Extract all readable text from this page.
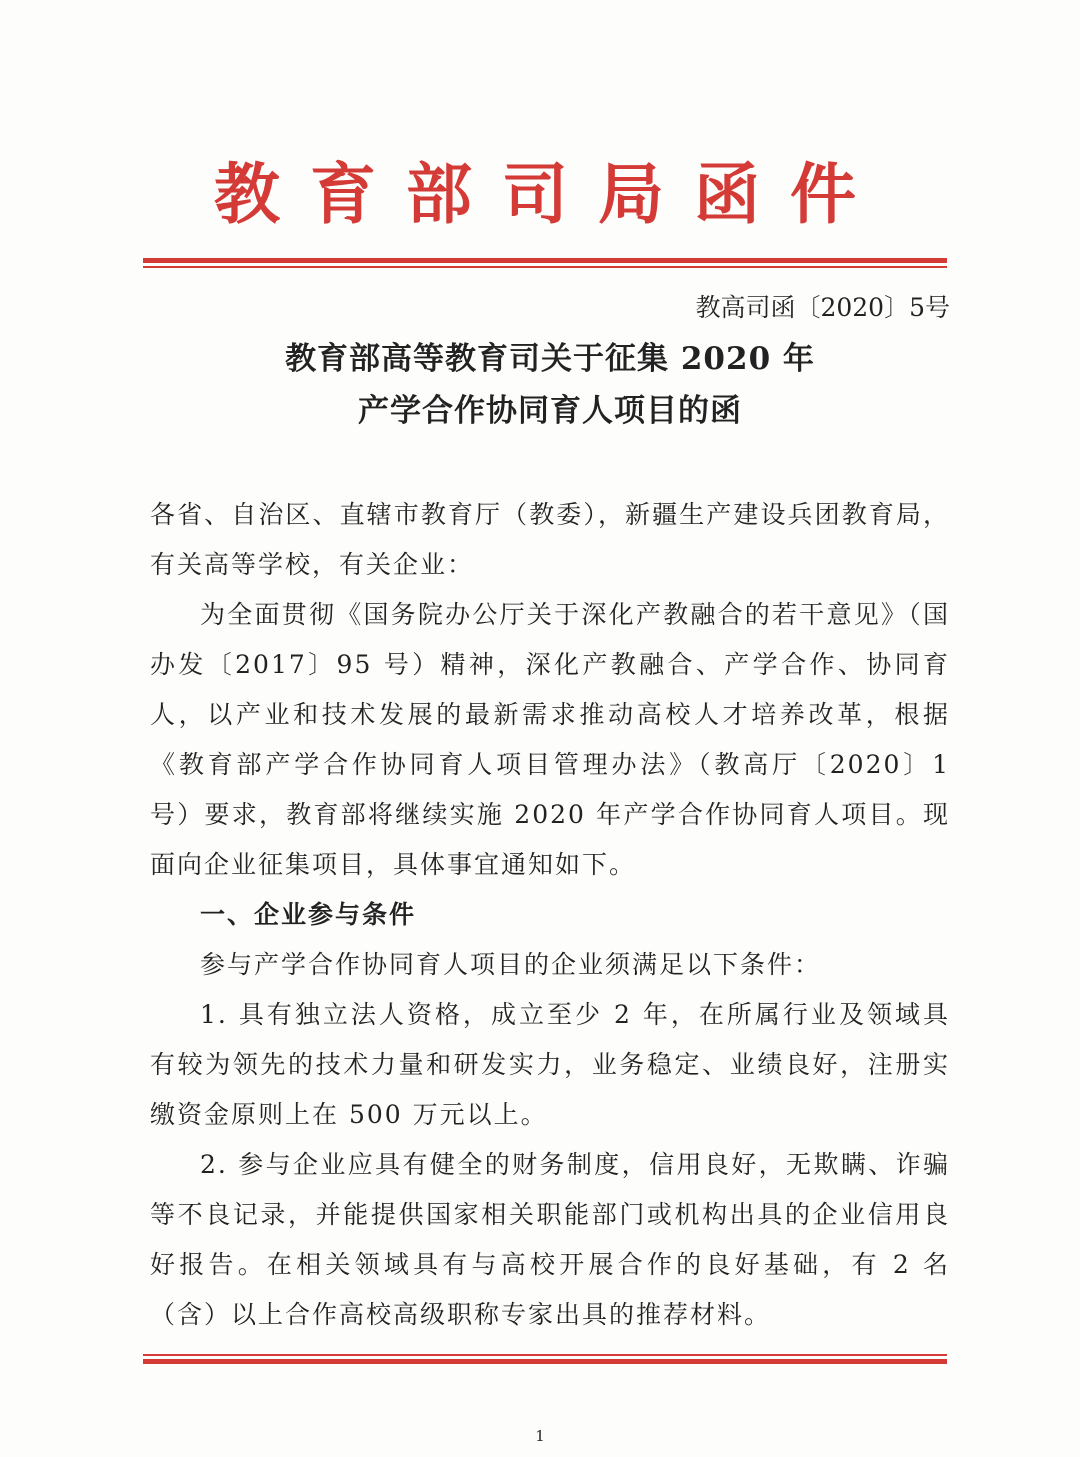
教育部司局函件
教高司函〔2020〕5号
教育部高等教育司关于征集 2020 年
产学合作协同育人项目的函

各省、自治区、直辖市教育厅（教委），新疆生产建设兵团教育局，有关高等学校，有关企业：

为全面贯彻《国务院办公厅关于深化产教融合的若干意见》（国办发〔2017〕95 号）精神，深化产教融合、产学合作、协同育人，以产业和技术发展的最新需求推动高校人才培养改革，根据《教育部产学合作协同育人项目管理办法》（教高厅〔2020〕1 号）要求，教育部将继续实施 2020 年产学合作协同育人项目。现面向企业征集项目，具体事宜通知如下。

一、企业参与条件

参与产学合作协同育人项目的企业须满足以下条件：

1. 具有独立法人资格，成立至少 2 年，在所属行业及领域具有较为领先的技术力量和研发实力，业务稳定、业绩良好，注册实缴资金原则上在 500 万元以上。

2. 参与企业应具有健全的财务制度，信用良好，无欺瞒、诈骗等不良记录，并能提供国家相关职能部门或机构出具的企业信用良好报告。在相关领域具有与高校开展合作的良好基础，有 2 名（含）以上合作高校高级职称专家出具的推荐材料。

1
